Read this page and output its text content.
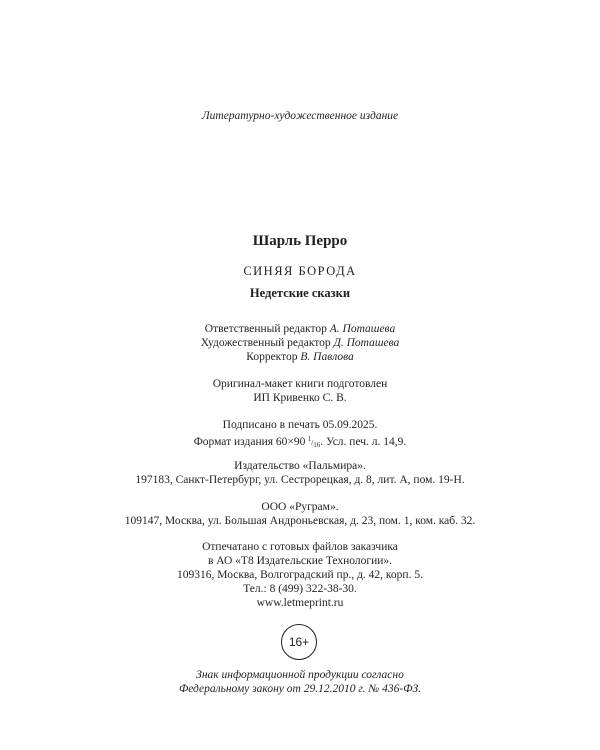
Литературно-художественное издание
Шарль Перро
СИНЯЯ БОРОДА
Недетские сказки
Ответственный редактор А. Поташева
Художественный редактор Д. Поташева
Корректор В. Павлова
Оригинал-макет книги подготовлен
ИП Кривенко С. В.
Подписано в печать 05.09.2025.
Формат издания 60×90  1/16. Усл. печ. л. 14,9.
Издательство «Пальмира».
197183, Санкт-Петербург, ул. Сестрорецкая, д. 8, лит. А, пом. 19-Н.
ООО «Руграм».
109147, Москва, ул. Большая Андроньевская, д. 23, пом. 1, ком. каб. 32.
Отпечатано с готовых файлов заказчика
в АО «Т8 Издательские Технологии».
109316, Москва, Волгоградский пр., д. 42, корп. 5.
Тел.: 8 (499) 322-38-30.
www.letmeprint.ru
16+
Знак информационной продукции согласно
Федеральному закону от 29.12.2010 г. № 436-ФЗ.
